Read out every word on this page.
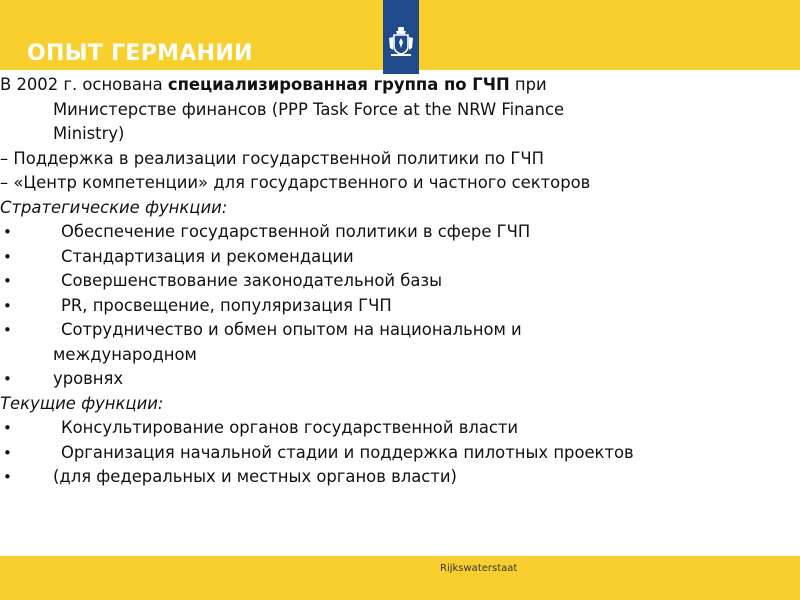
ОПЫТ ГЕРМАНИИ
В 2002 г. основана специализированная группа по ГЧП при
Министерстве финансов (PPP Task Force at the NRW Finance
Ministry)
– Поддержка в реализации государственной политики по ГЧП
– «Центр компетенции» для государственного и частного секторов
Стратегические функции:
•	Обеспечение государственной политики в сфере ГЧП
•	Стандартизация и рекомендации
•	Совершенствование законодательной базы
•	PR, просвещение, популяризация ГЧП
•	Сотрудничество и обмен опытом на национальном и
международном
•	уровнях
Текущие функции:
•	Консультирование органов государственной власти
•	Организация начальной стадии и поддержка пилотных проектов
•	(для федеральных и местных органов власти)
Rijkswaterstaat
